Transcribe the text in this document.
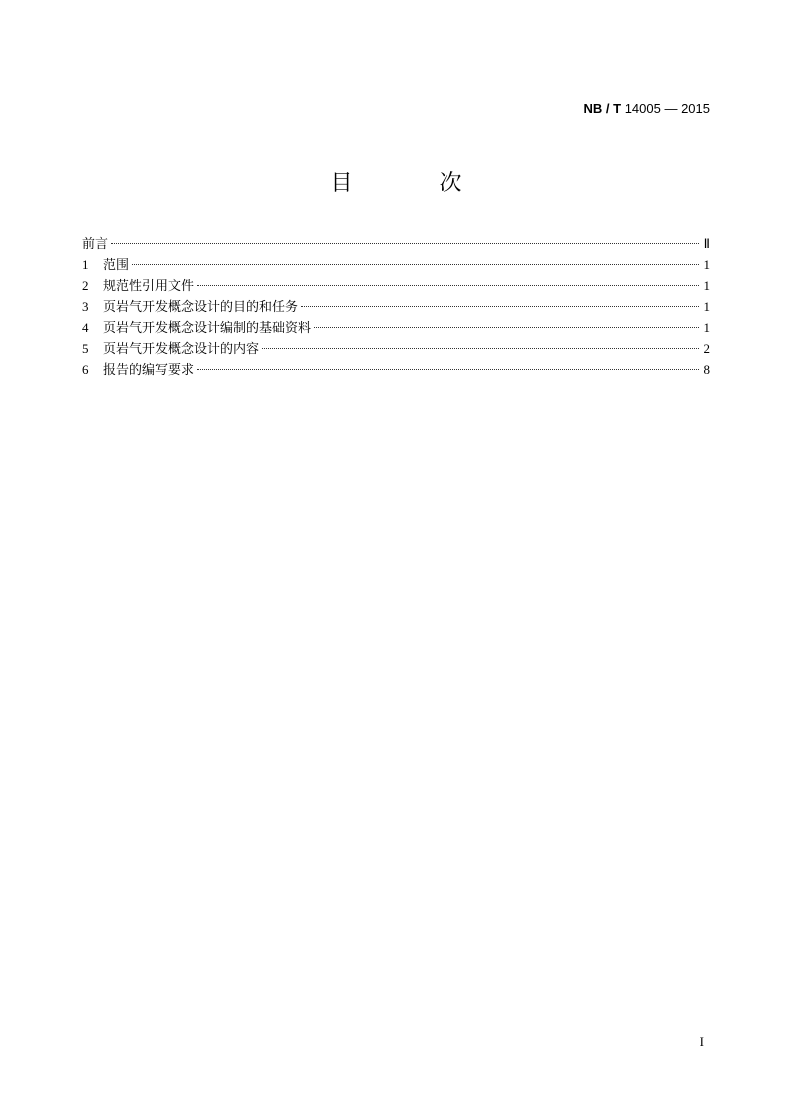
NB / T 14005 — 2015
目 次
前言	Ⅱ
1	范围	1
2	规范性引用文件	1
3	页岩气开发概念设计的目的和任务	1
4	页岩气开发概念设计编制的基础资料	1
5	页岩气开发概念设计的内容	2
6	报告的编写要求	8
I
